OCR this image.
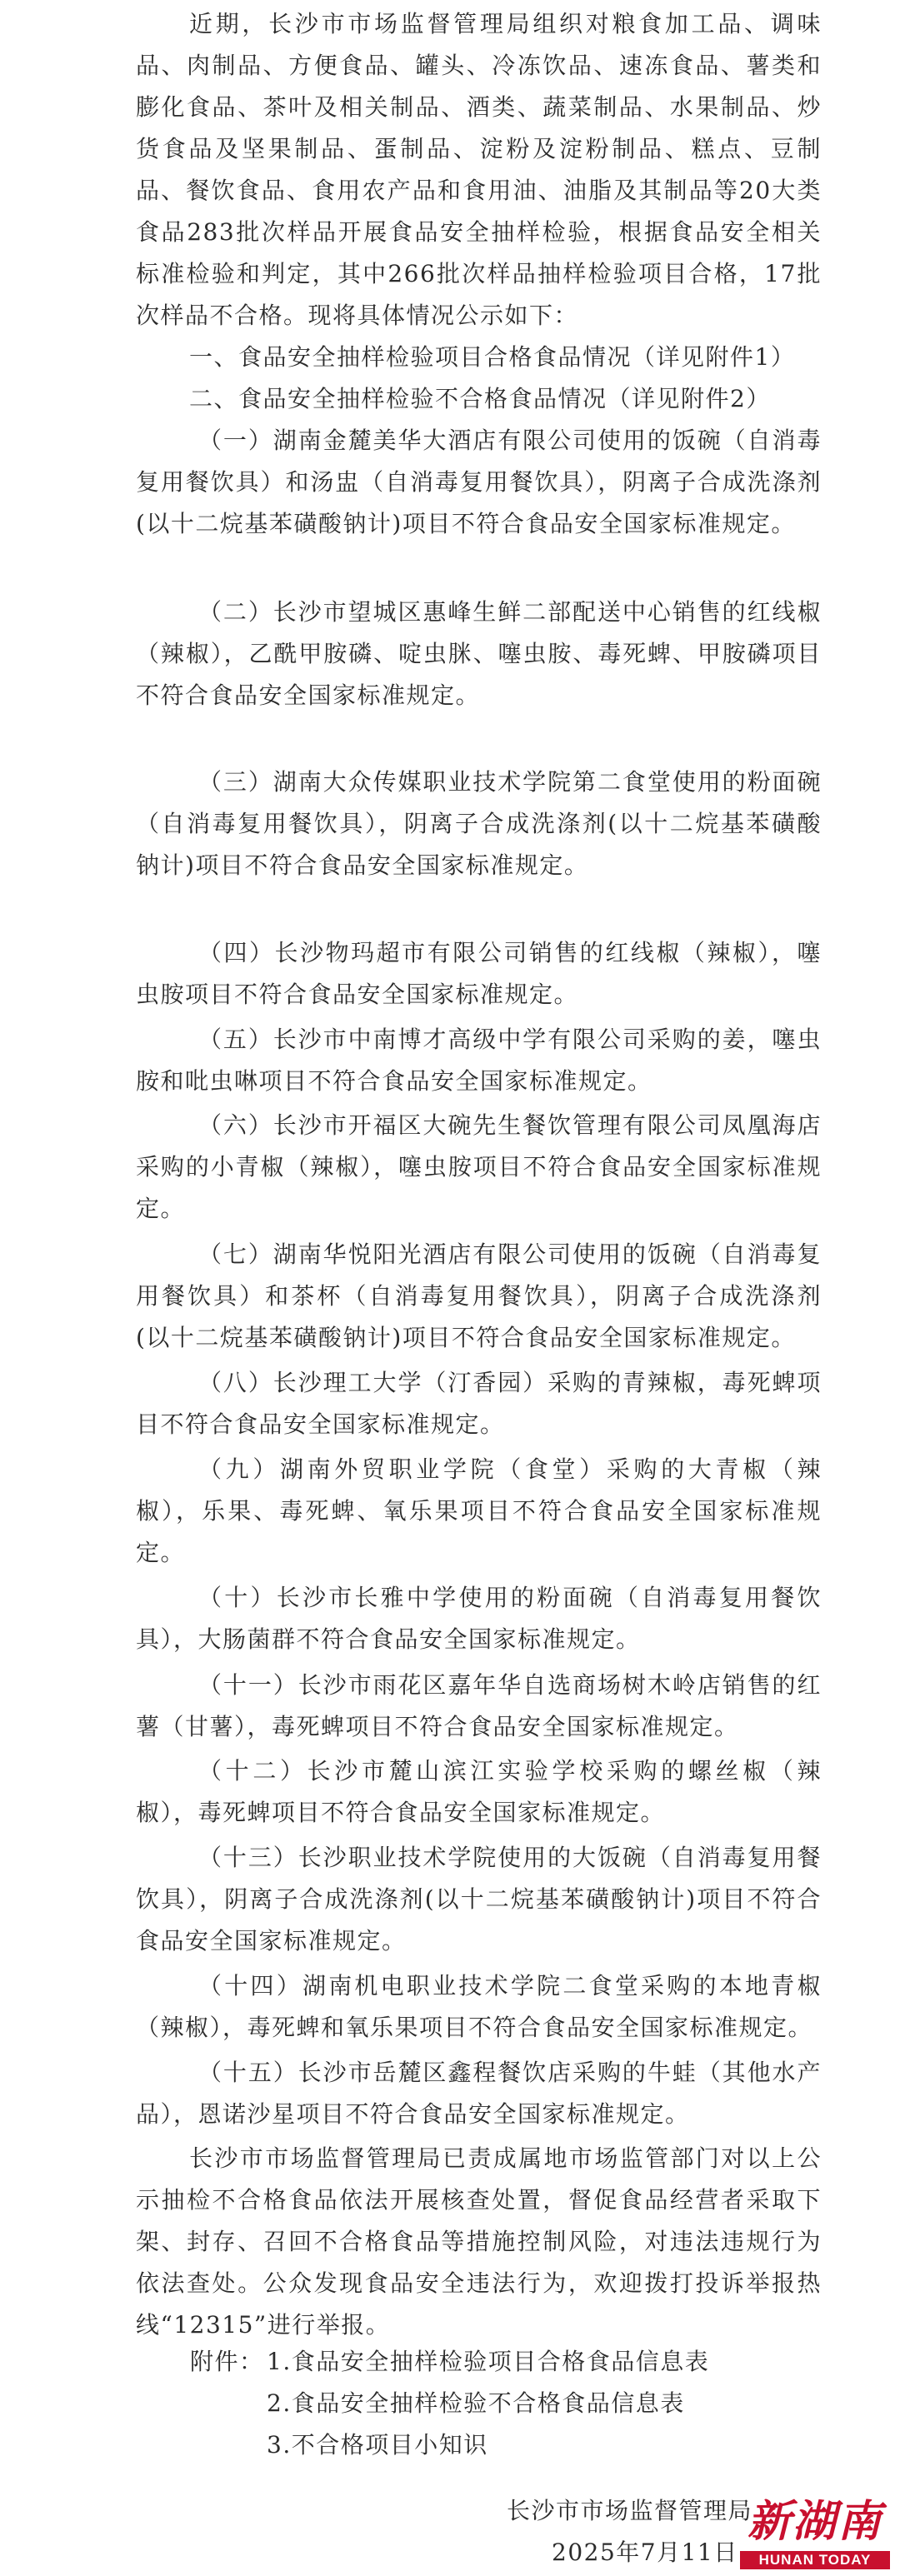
近期，长沙市市场监督管理局组织对粮食加工品、调味品、肉制品、方便食品、罐头、冷冻饮品、速冻食品、薯类和膨化食品、茶叶及相关制品、酒类、蔬菜制品、水果制品、炒货食品及坚果制品、蛋制品、淀粉及淀粉制品、糕点、豆制品、餐饮食品、食用农产品和食用油、油脂及其制品等20大类食品283批次样品开展食品安全抽样检验，根据食品安全相关标准检验和判定，其中266批次样品抽样检验项目合格，17批次样品不合格。现将具体情况公示如下：

一、食品安全抽样检验项目合格食品情况（详见附件1）

二、食品安全抽样检验不合格食品情况（详见附件2）

（一）湖南金麓美华大酒店有限公司使用的饭碗（自消毒复用餐饮具）和汤盅（自消毒复用餐饮具），阴离子合成洗涤剂(以十二烷基苯磺酸钠计)项目不符合食品安全国家标准规定。

（二）长沙市望城区惠峰生鲜二部配送中心销售的红线椒（辣椒），乙酰甲胺磷、啶虫脒、噻虫胺、毒死蜱、甲胺磷项目不符合食品安全国家标准规定。

（三）湖南大众传媒职业技术学院第二食堂使用的粉面碗（自消毒复用餐饮具），阴离子合成洗涤剂(以十二烷基苯磺酸钠计)项目不符合食品安全国家标准规定。

（四）长沙物玛超市有限公司销售的红线椒（辣椒），噻虫胺项目不符合食品安全国家标准规定。

（五）长沙市中南博才高级中学有限公司采购的姜，噻虫胺和吡虫啉项目不符合食品安全国家标准规定。

（六）长沙市开福区大碗先生餐饮管理有限公司凤凰海店采购的小青椒（辣椒），噻虫胺项目不符合食品安全国家标准规定。

（七）湖南华悦阳光酒店有限公司使用的饭碗（自消毒复用餐饮具）和茶杯（自消毒复用餐饮具），阴离子合成洗涤剂(以十二烷基苯磺酸钠计)项目不符合食品安全国家标准规定。

（八）长沙理工大学（汀香园）采购的青辣椒，毒死蜱项目不符合食品安全国家标准规定。

（九）湖南外贸职业学院（食堂）采购的大青椒（辣椒），乐果、毒死蜱、氧乐果项目不符合食品安全国家标准规定。

（十）长沙市长雅中学使用的粉面碗（自消毒复用餐饮具），大肠菌群不符合食品安全国家标准规定。

（十一）长沙市雨花区嘉年华自选商场树木岭店销售的红薯（甘薯），毒死蜱项目不符合食品安全国家标准规定。

（十二）长沙市麓山滨江实验学校采购的螺丝椒（辣椒），毒死蜱项目不符合食品安全国家标准规定。

（十三）长沙职业技术学院使用的大饭碗（自消毒复用餐饮具），阴离子合成洗涤剂(以十二烷基苯磺酸钠计)项目不符合食品安全国家标准规定。

（十四）湖南机电职业技术学院二食堂采购的本地青椒（辣椒），毒死蜱和氧乐果项目不符合食品安全国家标准规定。

（十五）长沙市岳麓区鑫程餐饮店采购的牛蛙（其他水产品），恩诺沙星项目不符合食品安全国家标准规定。

长沙市市场监督管理局已责成属地市场监管部门对以上公示抽检不合格食品依法开展核查处置，督促食品经营者采取下架、封存、召回不合格食品等措施控制风险，对违法违规行为依法查处。公众发现食品安全违法行为，欢迎拨打投诉举报热线“12315”进行举报。

附件： 1.食品安全抽样检验项目合格食品信息表
2.食品安全抽样检验不合格食品信息表
3.不合格项目小知识
长沙市市场监督管理局
2025年7月11日
新湖南
HUNAN TODAY
